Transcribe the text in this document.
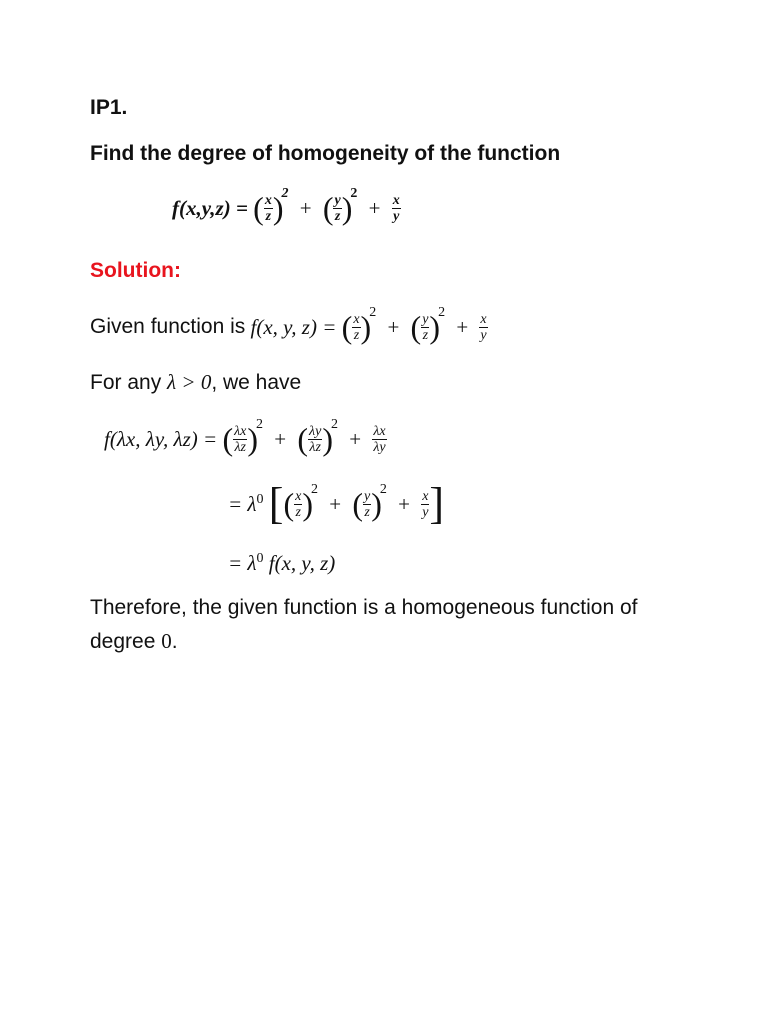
IP1.
Find the degree of homogeneity of the function
f(x,y,z) = ( $\frac{x}{z} )^2$ + ( $\frac{y}{z} )^2 + \frac{x}{y}$
Solution:
Given function is f(x, y, z) = ( $\frac{x}{z} )^2$ + ( $\frac{y}{z} )^2 + \frac{x}{y}$
For any λ > 0, we have
f(λx, λy, λz) = ( $\frac{\lambda x}{\lambda z} )^2$ + ( $\frac{\lambda y}{\lambda z} )^2 + \frac{\lambda x}{\lambda y}$
= $\lambda^0$ [( $\frac{x}{z} )^2$ + ( $\frac{y}{z} )^2 + \frac{x}{y}$ ]
= $\lambda^0$ f(x, y, z)
Therefore, the given function is a homogeneous function of
degree 0.
